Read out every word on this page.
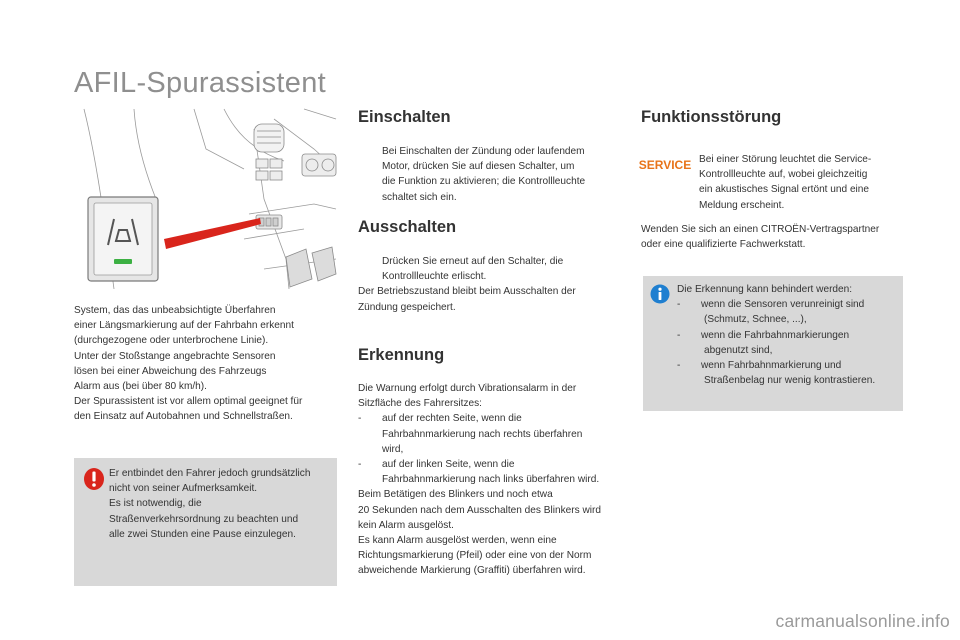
AFIL-Spurassistent
System, das das unbeabsichtigte Überfahren
einer Längsmarkierung auf der Fahrbahn erkennt
(durchgezogene oder unterbrochene Linie).
Unter der Stoßstange angebrachte Sensoren
lösen bei einer Abweichung des Fahrzeugs
Alarm aus (bei über 80 km/h).
Der Spurassistent ist vor allem optimal geeignet für
den Einsatz auf Autobahnen und Schnellstraßen.
Er entbindet den Fahrer jedoch grundsätzlich
nicht von seiner Aufmerksamkeit.
Es ist notwendig, die
Straßenverkehrsordnung zu beachten und
alle zwei Stunden eine Pause einzulegen.
Einschalten
Bei Einschalten der Zündung oder laufendem
Motor, drücken Sie auf diesen Schalter, um
die Funktion zu aktivieren; die Kontrollleuchte
schaltet sich ein.
Ausschalten
Drücken Sie erneut auf den Schalter, die
Kontrollleuchte erlischt.
Der Betriebszustand bleibt beim Ausschalten der
Zündung gespeichert.
Erkennung
Die Warnung erfolgt durch Vibrationsalarm in der
Sitzfläche des Fahrersitzes:
-	auf der rechten Seite, wenn die
Fahrbahnmarkierung nach rechts überfahren
wird,
-	auf der linken Seite, wenn die
Fahrbahnmarkierung nach links überfahren wird.
Beim Betätigen des Blinkers und noch etwa
20 Sekunden nach dem Ausschalten des Blinkers wird
kein Alarm ausgelöst.
Es kann Alarm ausgelöst werden, wenn eine
Richtungsmarkierung (Pfeil) oder eine von der Norm
abweichende Markierung (Graffiti) überfahren wird.
Funktionsstörung
SERVICE Bei einer Störung leuchtet die Service-
Kontrollleuchte auf, wobei gleichzeitig
ein akustisches Signal ertönt und eine
Meldung erscheint.
Wenden Sie sich an einen CITROËN-Vertragspartner
oder eine qualifizierte Fachwerkstatt.
Die Erkennung kann behindert werden:
-	wenn die Sensoren verunreinigt sind
(Schmutz, Schnee, ...),
-	wenn die Fahrbahnmarkierungen
abgenutzt sind,
-	wenn Fahrbahnmarkierung und
Straßenbelag nur wenig kontrastieren.
carmanualsonline.info
